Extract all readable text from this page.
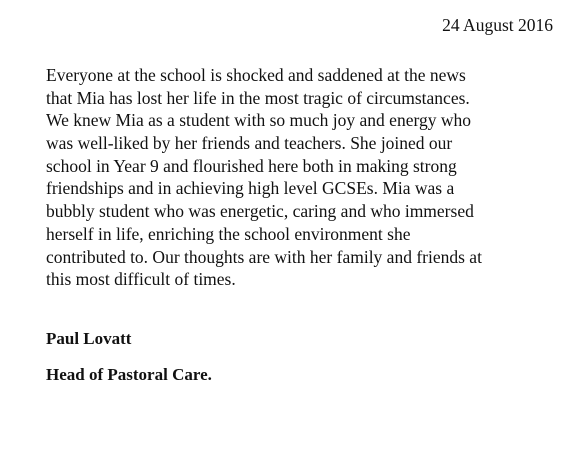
24 August 2016
Everyone at the school is shocked and saddened at the news
that Mia has lost her life in the most tragic of circumstances.
We knew Mia as a student with so much joy and energy who
was well-liked by her friends and teachers. She joined our
school in Year 9 and flourished here both in making strong
friendships and in achieving high level GCSEs. Mia was a
bubbly student who was energetic, caring and who immersed
herself in life, enriching the school environment she
contributed to. Our thoughts are with her family and friends at
this most difficult of times.
Paul Lovatt
Head of Pastoral Care.
